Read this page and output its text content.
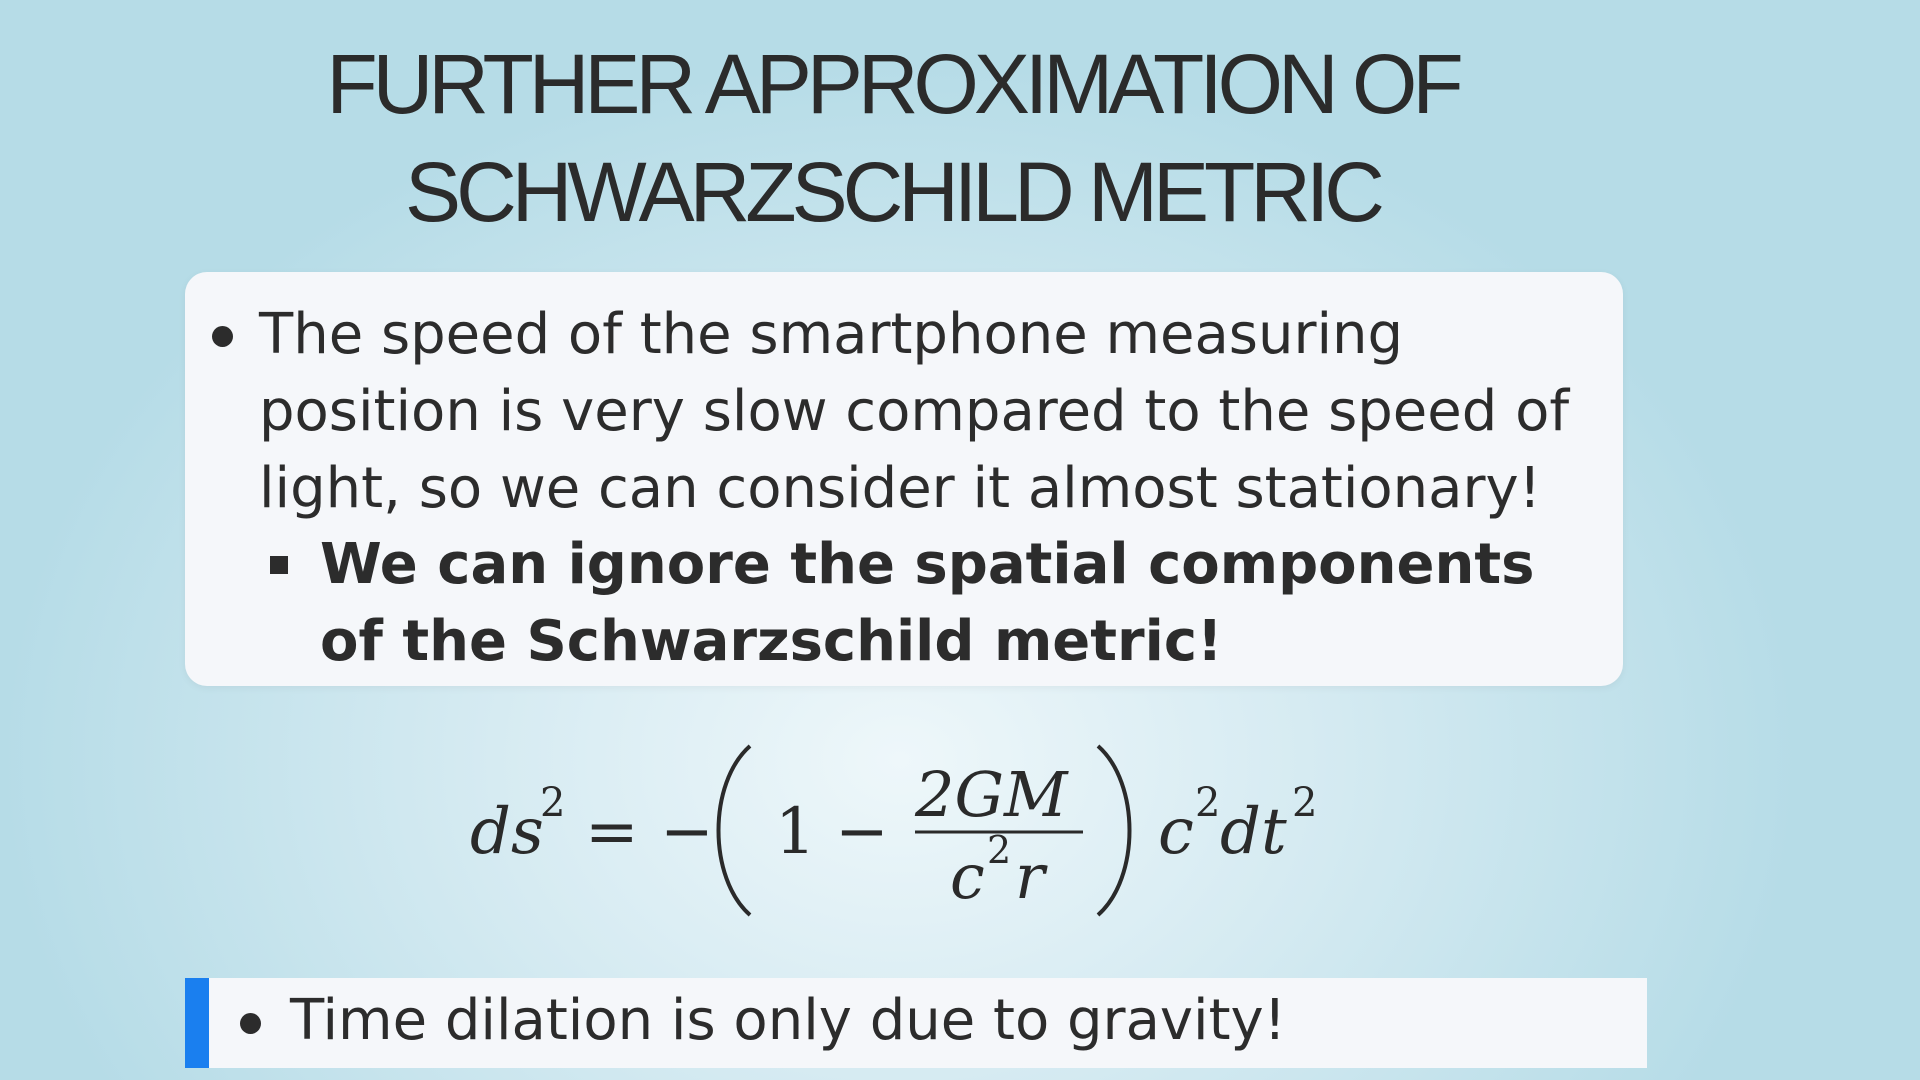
FURTHER APPROXIMATION OF
SCHWARZSCHILD METRIC
The speed of the smartphone measuring position is very slow compared to the speed of light, so we can consider it almost stationary!
We can ignore the spatial components of the Schwarzschild metric!
ds
2 = − 1 −
2GM
c 2 r
c 2 dt 2
Time dilation is only due to gravity!
